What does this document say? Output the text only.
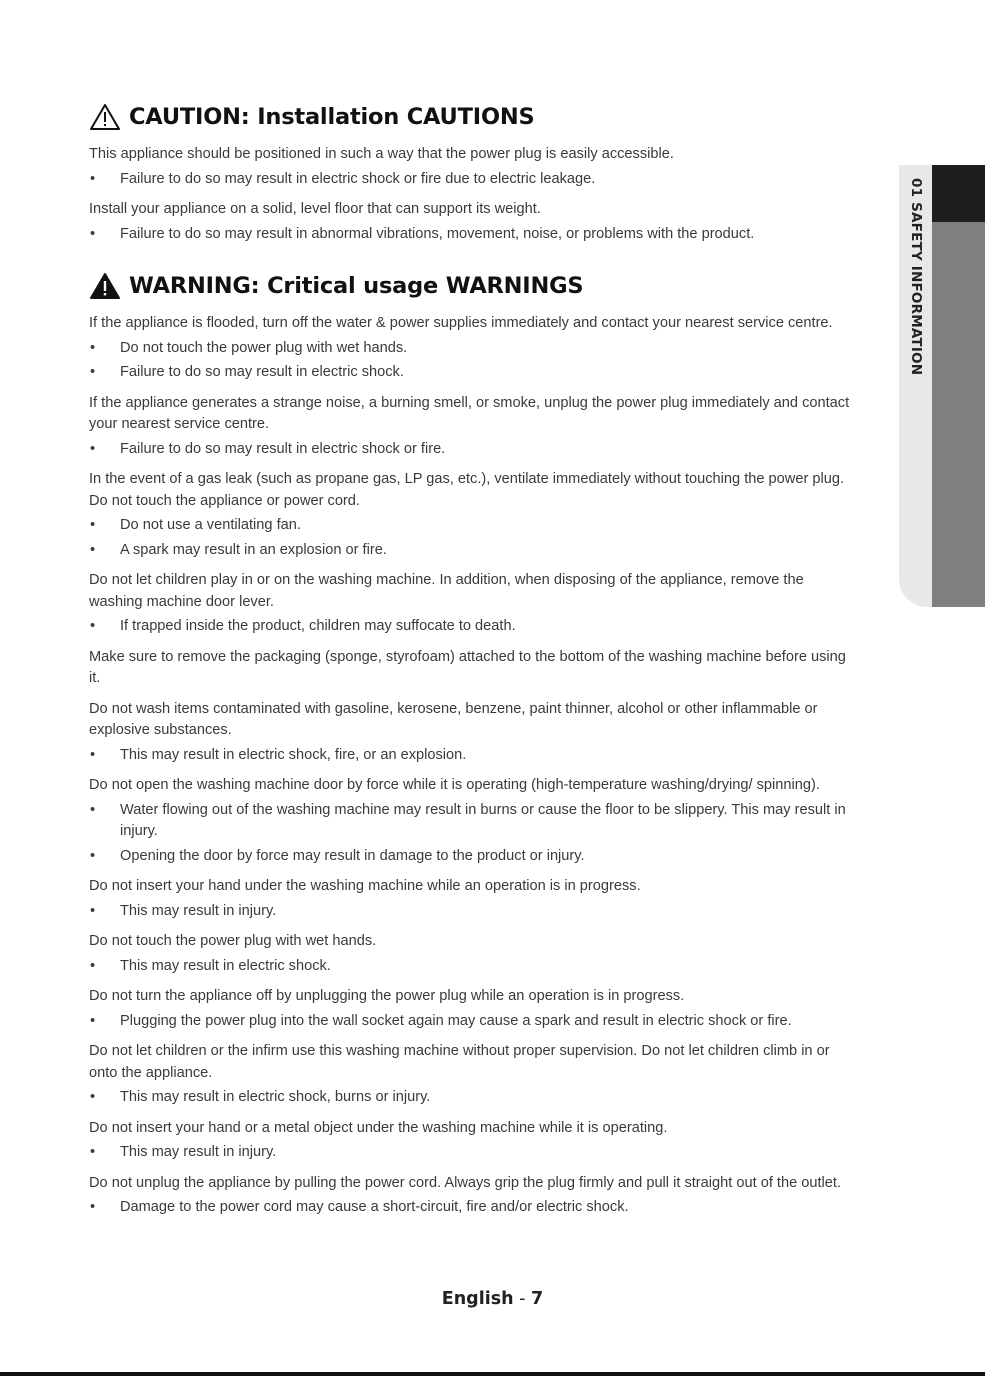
01 SAFETY INFORMATION
CAUTION: Installation CAUTIONS

This appliance should be positioned in such a way that the power plug is easily accessible.

•	Failure to do so may result in electric shock or fire due to electric leakage.

Install your appliance on a solid, level floor that can support its weight.

•	Failure to do so may result in abnormal vibrations, movement, noise, or problems with the product.
WARNING: Critical usage WARNINGS

If the appliance is flooded, turn off the water & power supplies immediately and contact your nearest service centre.

•	Do not touch the power plug with wet hands.
•	Failure to do so may result in electric shock.

If the appliance generates a strange noise, a burning smell, or smoke, unplug the power plug immediately and contact your nearest service centre.

•	Failure to do so may result in electric shock or fire.

In the event of a gas leak (such as propane gas, LP gas, etc.), ventilate immediately without touching the power plug. Do not touch the appliance or power cord.

•	Do not use a ventilating fan.
•	A spark may result in an explosion or fire.

Do not let children play in or on the washing machine. In addition, when disposing of the appliance, remove the washing machine door lever.

•	If trapped inside the product, children may suffocate to death.

Make sure to remove the packaging (sponge, styrofoam) attached to the bottom of the washing machine before using it.

Do not wash items contaminated with gasoline, kerosene, benzene, paint thinner, alcohol or other inflammable or explosive substances.

•	This may result in electric shock, fire, or an explosion.

Do not open the washing machine door by force while it is operating (high-temperature washing/drying/ spinning).

•	Water flowing out of the washing machine may result in burns or cause the floor to be slippery. This may result in injury.
•	Opening the door by force may result in damage to the product or injury.

Do not insert your hand under the washing machine while an operation is in progress.

•	This may result in injury.

Do not touch the power plug with wet hands.

•	This may result in electric shock.

Do not turn the appliance off by unplugging the power plug while an operation is in progress.

•	Plugging the power plug into the wall socket again may cause a spark and result in electric shock or fire.

Do not let children or the infirm use this washing machine without proper supervision. Do not let children climb in or onto the appliance.

•	This may result in electric shock, burns or injury.

Do not insert your hand or a metal object under the washing machine while it is operating.

•	This may result in injury.

Do not unplug the appliance by pulling the power cord. Always grip the plug firmly and pull it straight out of the outlet.

•	Damage to the power cord may cause a short-circuit, fire and/or electric shock.
English - 7
